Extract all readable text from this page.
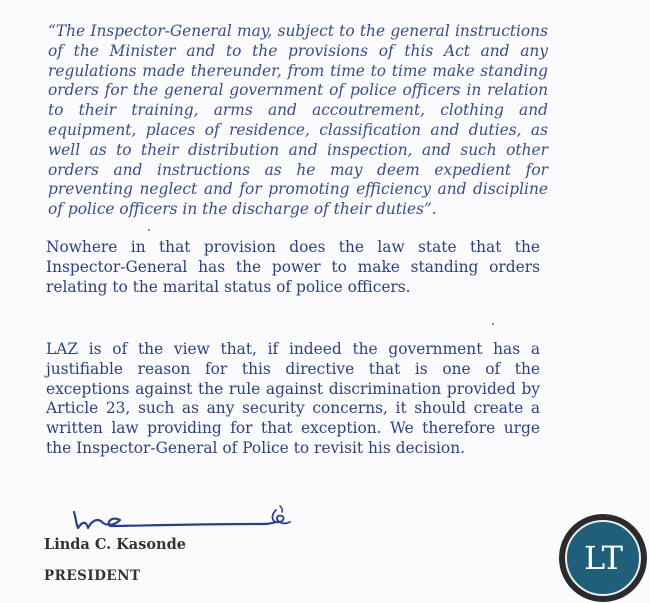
“The Inspector-General may, subject to the general instructions of the Minister and to the provisions of this Act and any regulations made thereunder, from time to time make standing orders for the general government of police officers in relation to their training, arms and accoutrement, clothing and equipment, places of residence, classification and duties, as well as to their distribution and inspection, and such other orders and instructions as he may deem expedient for preventing neglect and for promoting efficiency and discipline of police officers in the discharge of their duties”.

Nowhere in that provision does the law state that the Inspector-General has the power to make standing orders relating to the marital status of police officers.

LAZ is of the view that, if indeed the government has a justifiable reason for this directive that is one of the exceptions against the rule against discrimination provided by Article 23, such as any security concerns, it should create a written law providing for that exception. We therefore urge the Inspector-General of Police to revisit his decision.

Linda C. Kasonde

PRESIDENT	LT
